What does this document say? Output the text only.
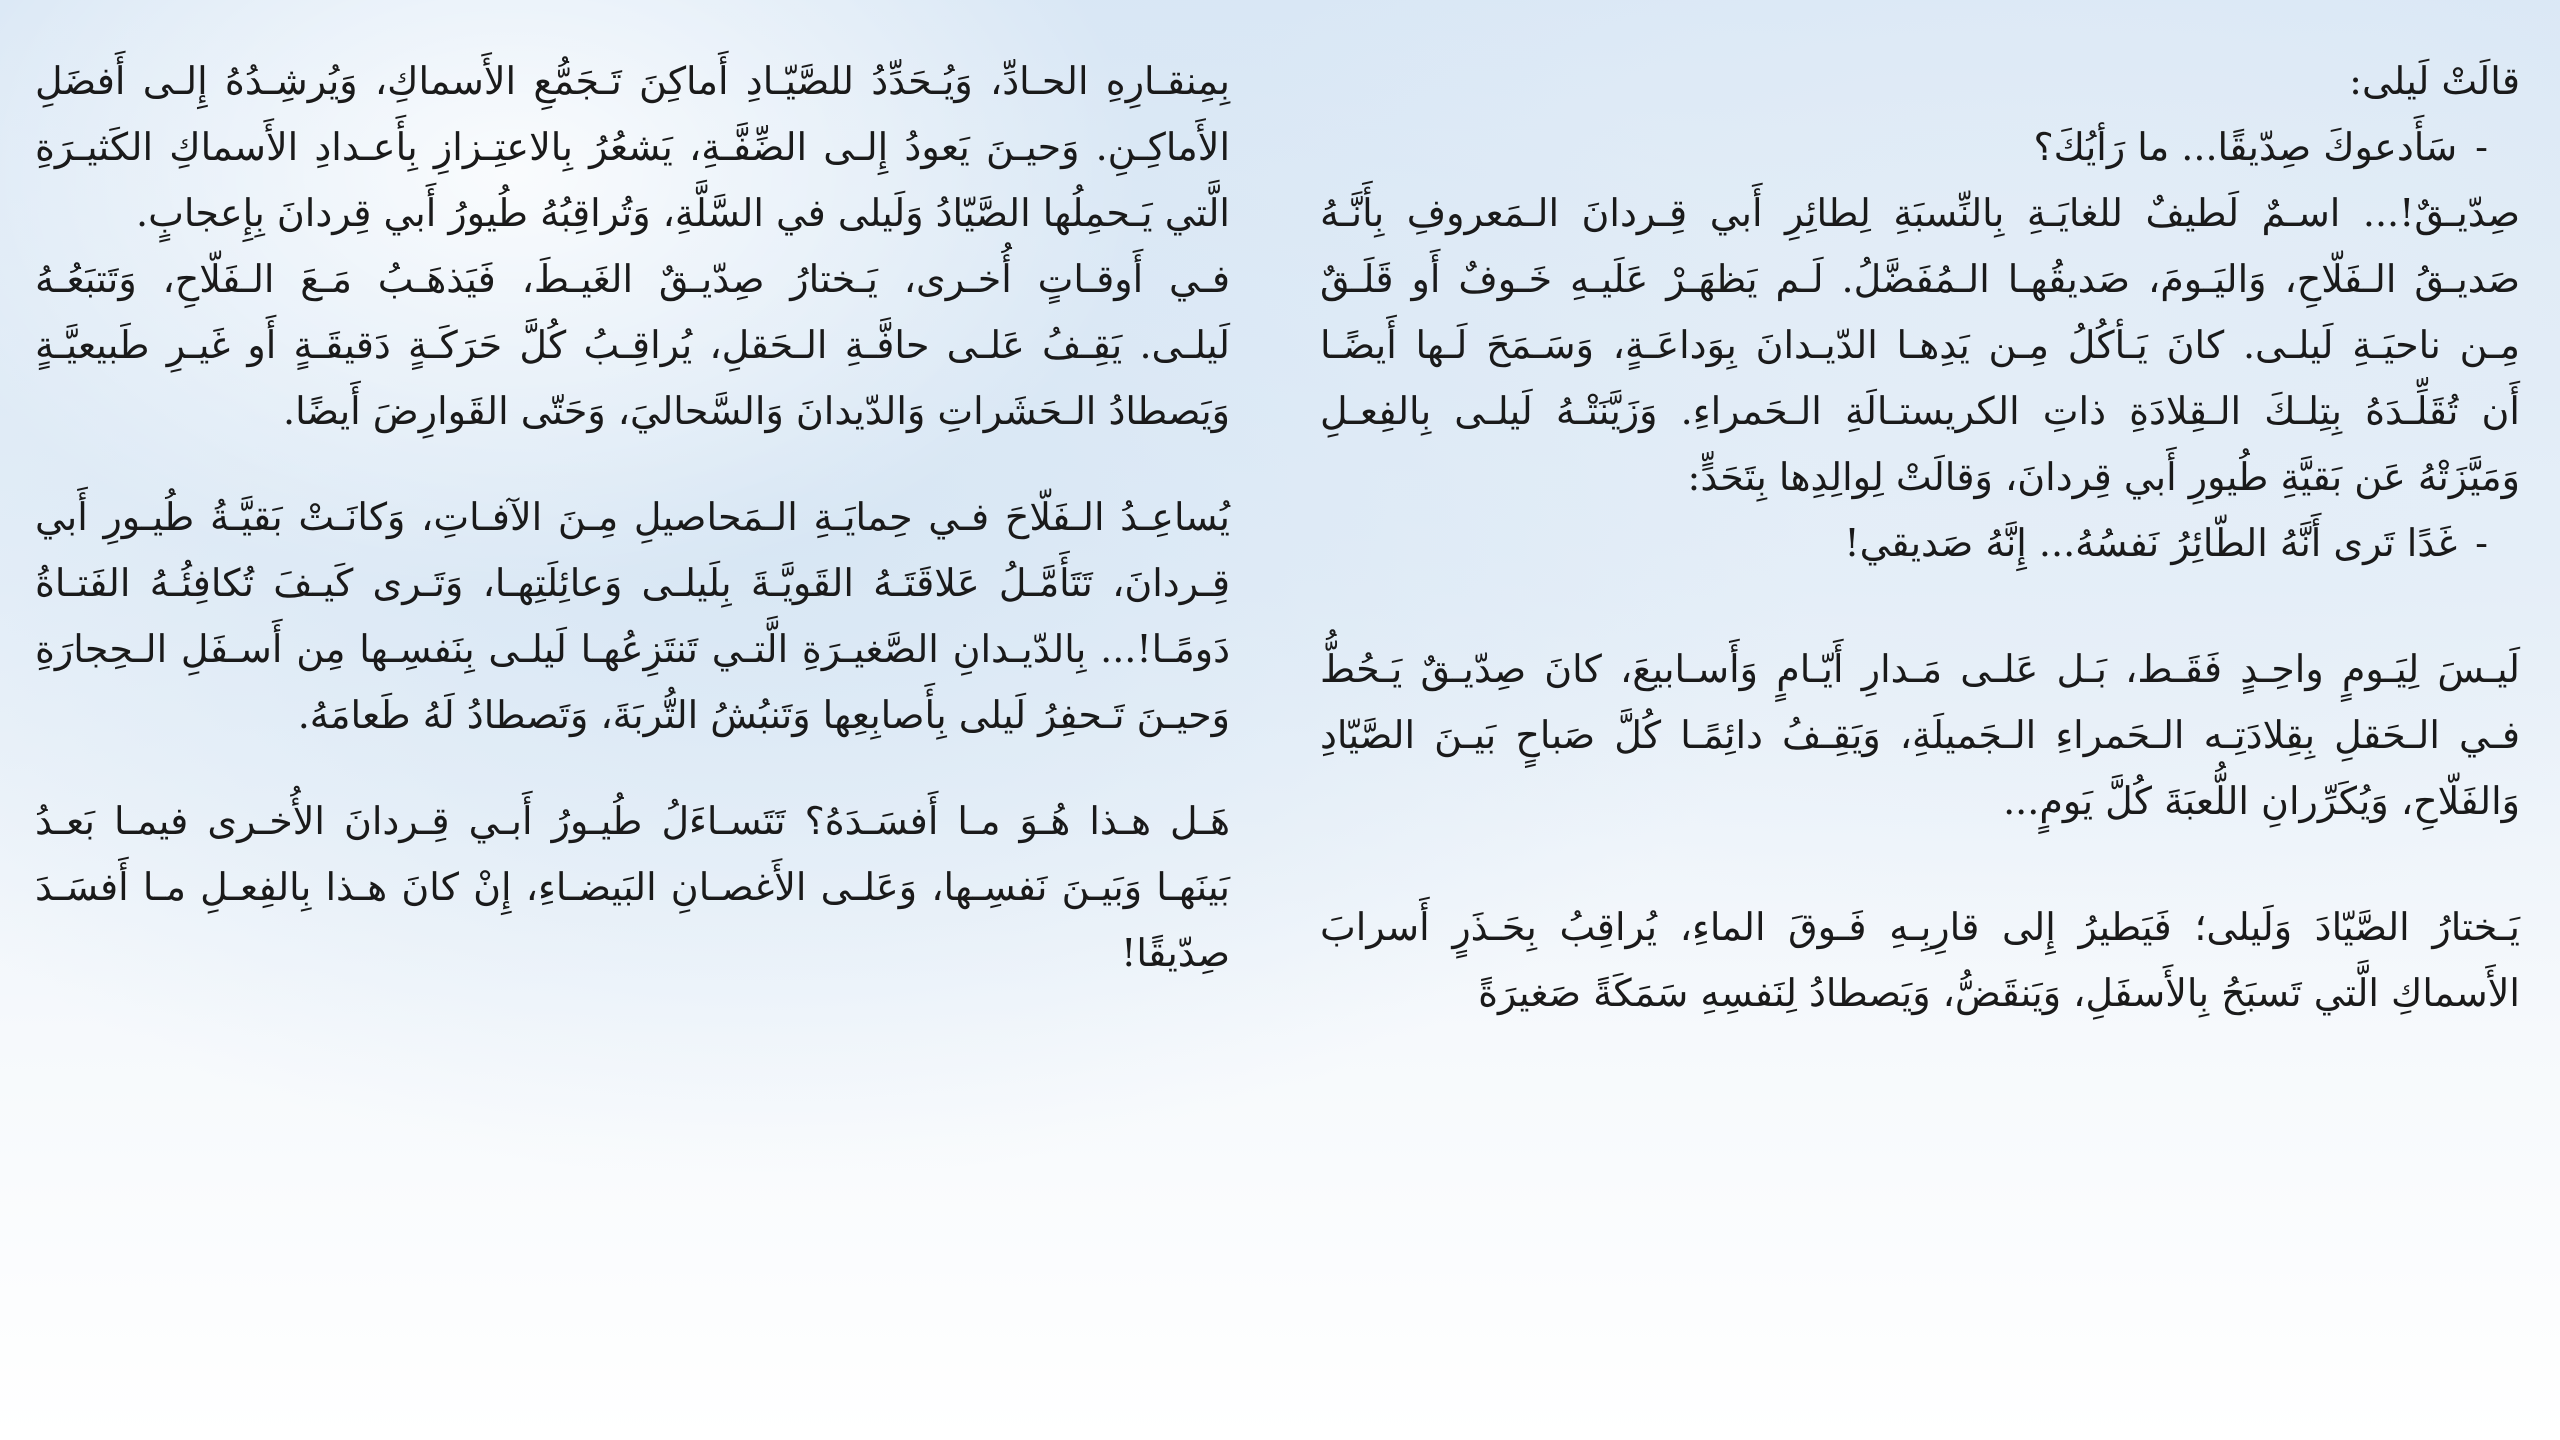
قالَتْ لَيلى:

-سَأَدعوكَ صِدّيقًا... ما رَأيُكَ؟

صِدّيـقٌ!... اسـمٌ لَطيفٌ للغايَـةِ بِالنِّسبَةِ لِطائِرِ أَبي قِـردانَ الـمَعروفِ بِأَنَّـهُ
صَديـقُ الـفَلّاحِ، وَاليَـومَ، صَديقُهـا الـمُفَضَّلُ. لَـم يَظهَـرْ عَلَيـهِ خَـوفٌ أَو قَلَـقٌ
مِـن ناحيَـةِ لَيلـى. كانَ يَـأكُلُ مِـن يَدِهـا الدّيـدانَ بِوَداعَـةٍ، وَسَـمَحَ لَـها أَيضًـا
أَن تُقَلِّـدَهُ بِتِلـكَ الـقِلادَةِ ذاتِ الكريستـالَةِ الـحَمراءِ. وَزَيَّنَتْـهُ لَيلـى بِالفِعـلِ
وَمَيَّزَتْهُ عَن بَقيَّةِ طُيورِ أَبي قِردانَ، وَقالَتْ لِوالِدِها بِتَحَدٍّ:

-غَدًا تَرى أَنَّهُ الطّائِرُ نَفسُهُ... إِنَّهُ صَديقي!

لَيـسَ لِيَـومٍ واحِـدٍ فَقَـط، بَـل عَلـى مَـدارِ أَيّـامٍ وَأَسـابيعَ، كانَ صِدّيـقٌ يَـحُطُّ
فـي الـحَقلِ بِقِلادَتِـه الـحَمراءِ الـجَميلَةِ، وَيَقِـفُ دائِمًـا كُلَّ صَباحٍ بَيـنَ الصَّيّادِ
وَالفَلّاحِ، وَيُكَرِّرانِ اللُّعبَةَ كُلَّ يَومٍ...

يَـختارُ الصَّيّادَ وَلَيلى؛ فَيَطيرُ إِلى قارِبِـهِ فَـوقَ الماءِ، يُراقِبُ بِحَـذَرٍ أَسرابَ
الأَسماكِ الَّتي تَسبَحُ بِالأَسفَلِ، وَيَنقَضُّ، وَيَصطادُ لِنَفسِهِ سَمَكَةً صَغيرَةً

بِمِنقـارِهِ الحـادِّ، وَيُـحَدِّدُ للصَّيّـادِ أَماكِنَ تَـجَمُّعِ الأَسماكِ، وَيُرشِـدُهُ إِلـى أَفضَلِ
الأَماكِـنِ. وَحيـنَ يَعودُ إِلـى الضِّفَّـةِ، يَشعُرُ بِالاعتِـزازِ بِأَعـدادِ الأَسماكِ الكَثيـرَةِ
الَّتي يَـحمِلُها الصَّيّادُ وَلَيلى في السَّلَّةِ، وَتُراقِبُهُ طُيورُ أَبي قِردانَ بِإِعجابٍ.

فـي أَوقـاتٍ أُخـرى، يَـختارُ صِدّيـقٌ الغَيـطَ، فَيَذهَـبُ مَـعَ الـفَلّاحِ، وَتَتبَعُـهُ
لَيلـى. يَقِـفُ عَلـى حافَّـةِ الـحَقلِ، يُراقِـبُ كُلَّ حَرَكَـةٍ دَقيقَـةٍ أَو غَيـرِ طَبيعيَّـةٍ
وَيَصطادُ الـحَشَراتِ وَالدّيدانَ وَالسَّحاليَ، وَحَتّى القَوارِضَ أَيضًا.

يُساعِـدُ الـفَلّاحَ فـي حِمايَـةِ الـمَحاصيلِ مِـنَ الآفـاتِ، وَكانَـتْ بَقيَّـةُ طُيـورِ أَبي
قِـردانَ، تَتَأَمَّـلُ عَلاقَتَـهُ القَويَّـةَ بِلَيلـى وَعائِلَتِهـا، وَتَـرى كَيـفَ تُكافِئُـهُ الفَتـاةُ
دَومًـا!... بِالدّيـدانِ الصَّغيـرَةِ الَّتـي تَنتَزِعُهـا لَيلـى بِنَفسِـها مِن أَسـفَلِ الـحِجارَةِ
وَحيـنَ تَـحفِرُ لَيلى بِأَصابِعِها وَتَنبُشُ التُّربَةَ، وَتَصطادُ لَهُ طَعامَهُ.

هَـل هـذا هُـوَ مـا أَفسَـدَهُ؟ تَتَسـاءَلُ طُيـورُ أَبـي قِـردانَ الأُخـرى فيمـا بَعـدُ
بَينَهـا وَبَيـنَ نَفسِـها، وَعَلـى الأَغصـانِ البَيضـاءِ، إِنْ كانَ هـذا بِالفِعـلِ مـا أَفسَـدَ
صِدّيقًا!
